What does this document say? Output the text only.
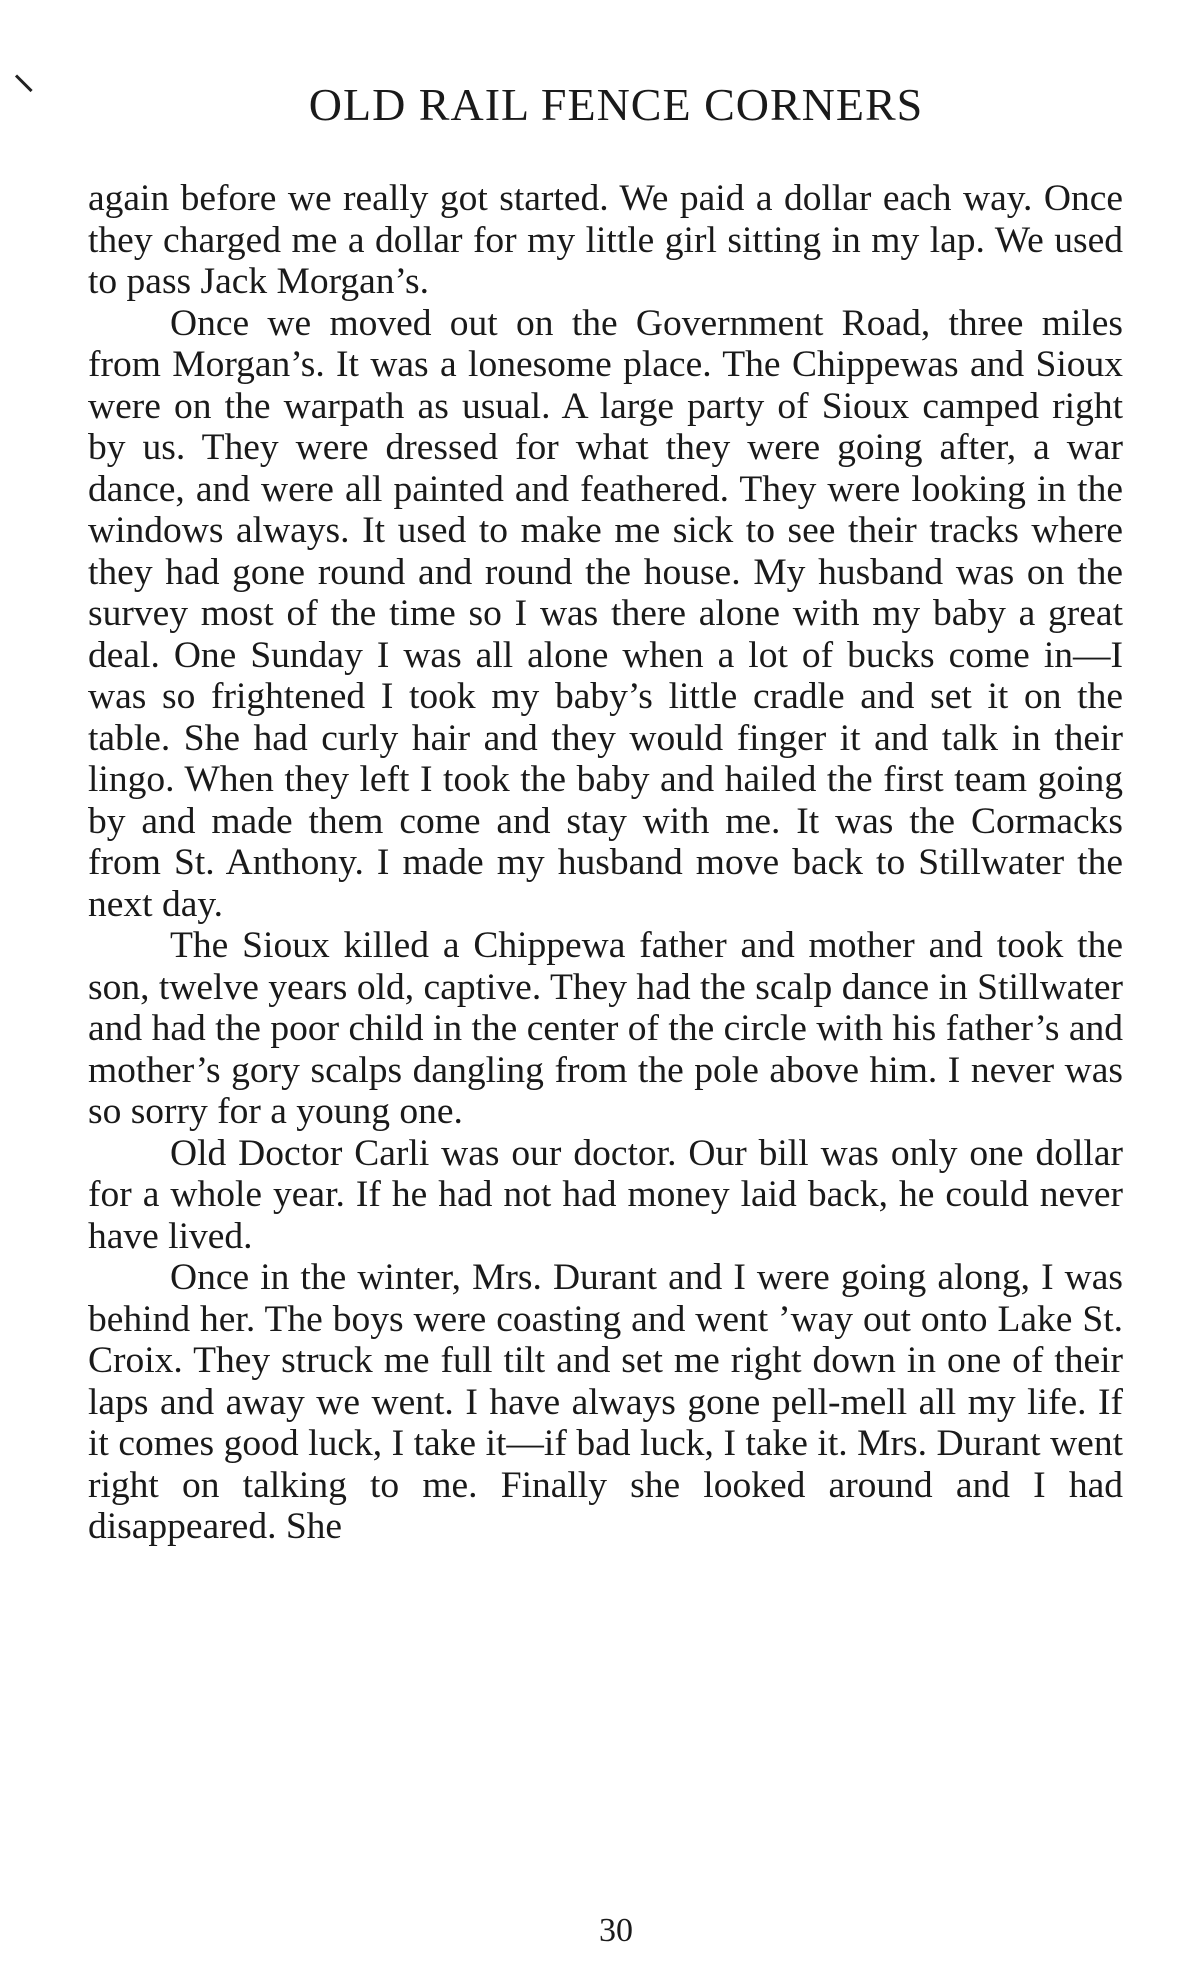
OLD RAIL FENCE CORNERS

again before we really got started. We paid a dollar each way. Once they charged me a dollar for my little girl sitting in my lap. We used to pass Jack Morgan’s.

Once we moved out on the Government Road, three miles from Morgan’s. It was a lonesome place. The Chippewas and Sioux were on the warpath as usual. A large party of Sioux camped right by us. They were dressed for what they were going after, a war dance, and were all painted and feathered. They were looking in the windows always. It used to make me sick to see their tracks where they had gone round and round the house. My husband was on the survey most of the time so I was there alone with my baby a great deal. One Sunday I was all alone when a lot of bucks come in—I was so frightened I took my baby’s little cradle and set it on the table. She had curly hair and they would finger it and talk in their lingo. When they left I took the baby and hailed the first team going by and made them come and stay with me. It was the Cormacks from St. Anthony. I made my husband move back to Stillwater the next day.

The Sioux killed a Chippewa father and mother and took the son, twelve years old, captive. They had the scalp dance in Stillwater and had the poor child in the center of the circle with his father’s and mother’s gory scalps dangling from the pole above him. I never was so sorry for a young one.

Old Doctor Carli was our doctor. Our bill was only one dollar for a whole year. If he had not had money laid back, he could never have lived.

Once in the winter, Mrs. Durant and I were going along, I was behind her. The boys were coasting and went ’way out onto Lake St. Croix. They struck me full tilt and set me right down in one of their laps and away we went. I have always gone pell-mell all my life. If it comes good luck, I take it—if bad luck, I take it. Mrs. Durant went right on talking to me. Finally she looked around and I had disappeared. She

30
